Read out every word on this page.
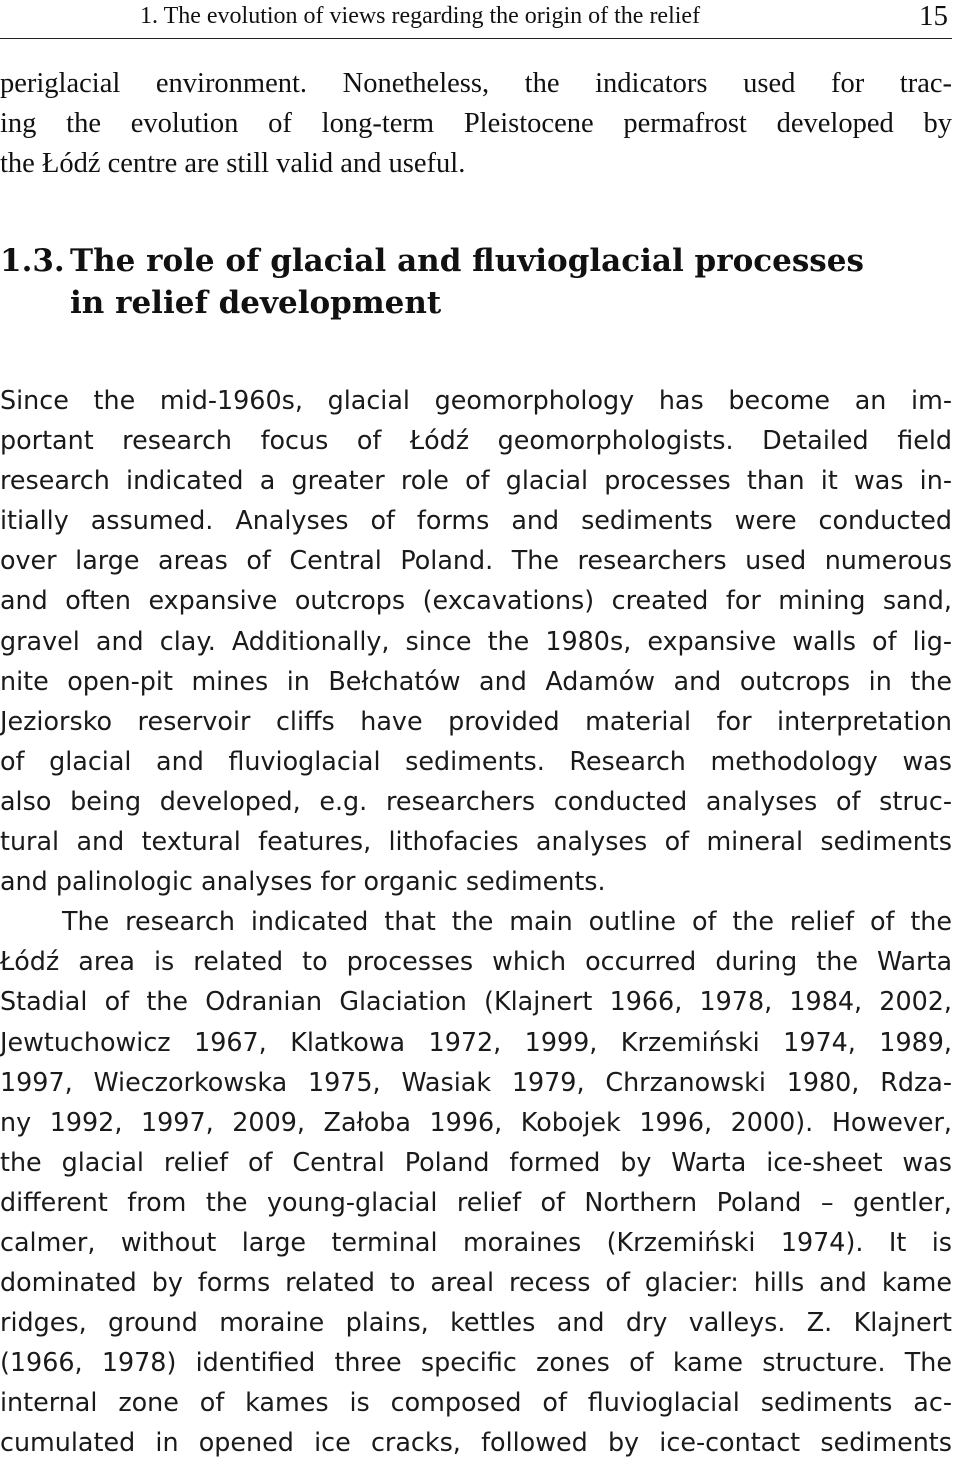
1. The evolution of views regarding the origin of the relief	15
periglacial environment. Nonetheless, the indicators used for trac-
ing the evolution of long-term Pleistocene permafrost developed by
the Łódź centre are still valid and useful.
1.3. The role of glacial and fluvioglacial processes
in relief development
Since the mid-1960s, glacial geomorphology has become an im-
portant research focus of Łódź geomorphologists. Detailed field
research indicated a greater role of glacial processes than it was in-
itially assumed. Analyses of forms and sediments were conducted
over large areas of Central Poland. The researchers used numerous
and often expansive outcrops (excavations) created for mining sand,
gravel and clay. Additionally, since the 1980s, expansive walls of lig-
nite open-pit mines in Bełchatów and Adamów and outcrops in the
Jeziorsko reservoir cliffs have provided material for interpretation
of glacial and fluvioglacial sediments. Research methodology was
also being developed, e.g. researchers conducted analyses of struc-
tural and textural features, lithofacies analyses of mineral sediments
and palinologic analyses for organic sediments.
The research indicated that the main outline of the relief of the
Łódź area is related to processes which occurred during the Warta
Stadial of the Odranian Glaciation (Klajnert 1966, 1978, 1984, 2002,
Jewtuchowicz 1967, Klatkowa 1972, 1999, Krzemiński 1974, 1989,
1997, Wieczorkowska 1975, Wasiak 1979, Chrzanowski 1980, Rdza-
ny 1992, 1997, 2009, Załoba 1996, Kobojek 1996, 2000). However,
the glacial relief of Central Poland formed by Warta ice-sheet was
different from the young-glacial relief of Northern Poland – gentler,
calmer, without large terminal moraines (Krzemiński 1974). It is
dominated by forms related to areal recess of glacier: hills and kame
ridges, ground moraine plains, kettles and dry valleys. Z. Klajnert
(1966, 1978) identified three specific zones of kame structure. The
internal zone of kames is composed of fluvioglacial sediments ac-
cumulated in opened ice cracks, followed by ice-contact sediments
